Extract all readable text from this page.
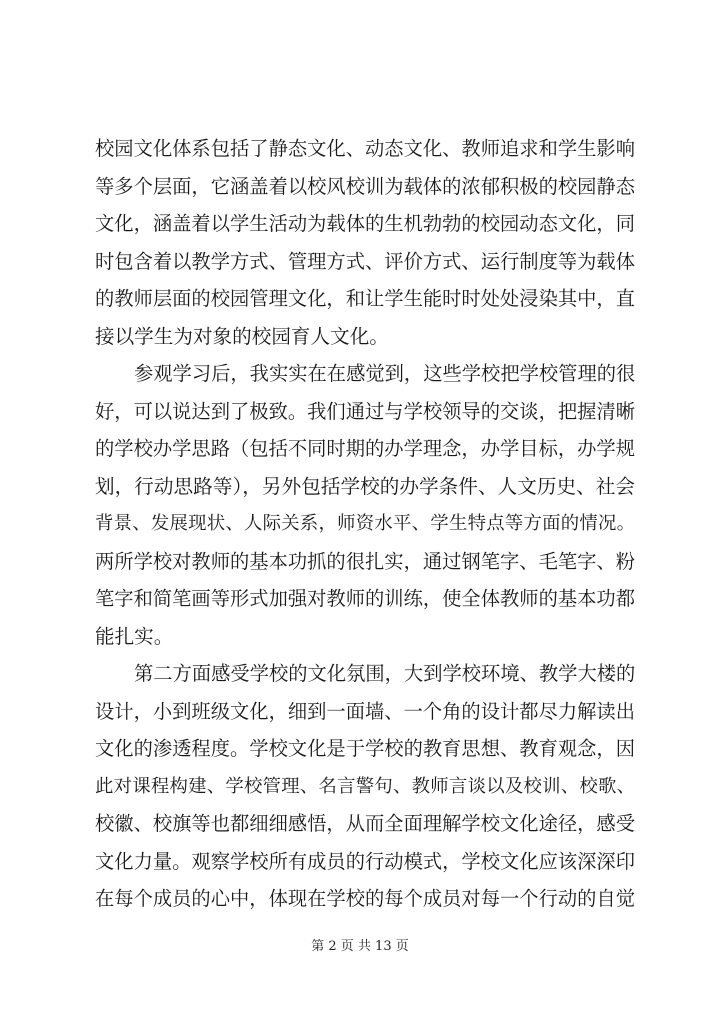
校园文化体系包括了静态文化、动态文化、教师追求和学生影响
等多个层面，它涵盖着以校风校训为载体的浓郁积极的校园静态
文化，涵盖着以学生活动为载体的生机勃勃的校园动态文化，同
时包含着以教学方式、管理方式、评价方式、运行制度等为载体
的教师层面的校园管理文化，和让学生能时时处处浸染其中，直
接以学生为对象的校园育人文化。
参观学习后，我实实在在感觉到，这些学校把学校管理的很
好，可以说达到了极致。我们通过与学校领导的交谈，把握清晰
的学校办学思路（包括不同时期的办学理念，办学目标，办学规
划，行动思路等），另外包括学校的办学条件、人文历史、社会
背景、发展现状、人际关系，师资水平、学生特点等方面的情况。
两所学校对教师的基本功抓的很扎实，通过钢笔字、毛笔字、粉
笔字和简笔画等形式加强对教师的训练，使全体教师的基本功都
能扎实。
第二方面感受学校的文化氛围，大到学校环境、教学大楼的
设计，小到班级文化，细到一面墙、一个角的设计都尽力解读出
文化的渗透程度。学校文化是于学校的教育思想、教育观念，因
此对课程构建、学校管理、名言警句、教师言谈以及校训、校歌、
校徽、校旗等也都细细感悟，从而全面理解学校文化途径，感受
文化力量。观察学校所有成员的行动模式，学校文化应该深深印
在每个成员的心中，体现在学校的每个成员对每一个行动的自觉
第 2 页 共 13 页
